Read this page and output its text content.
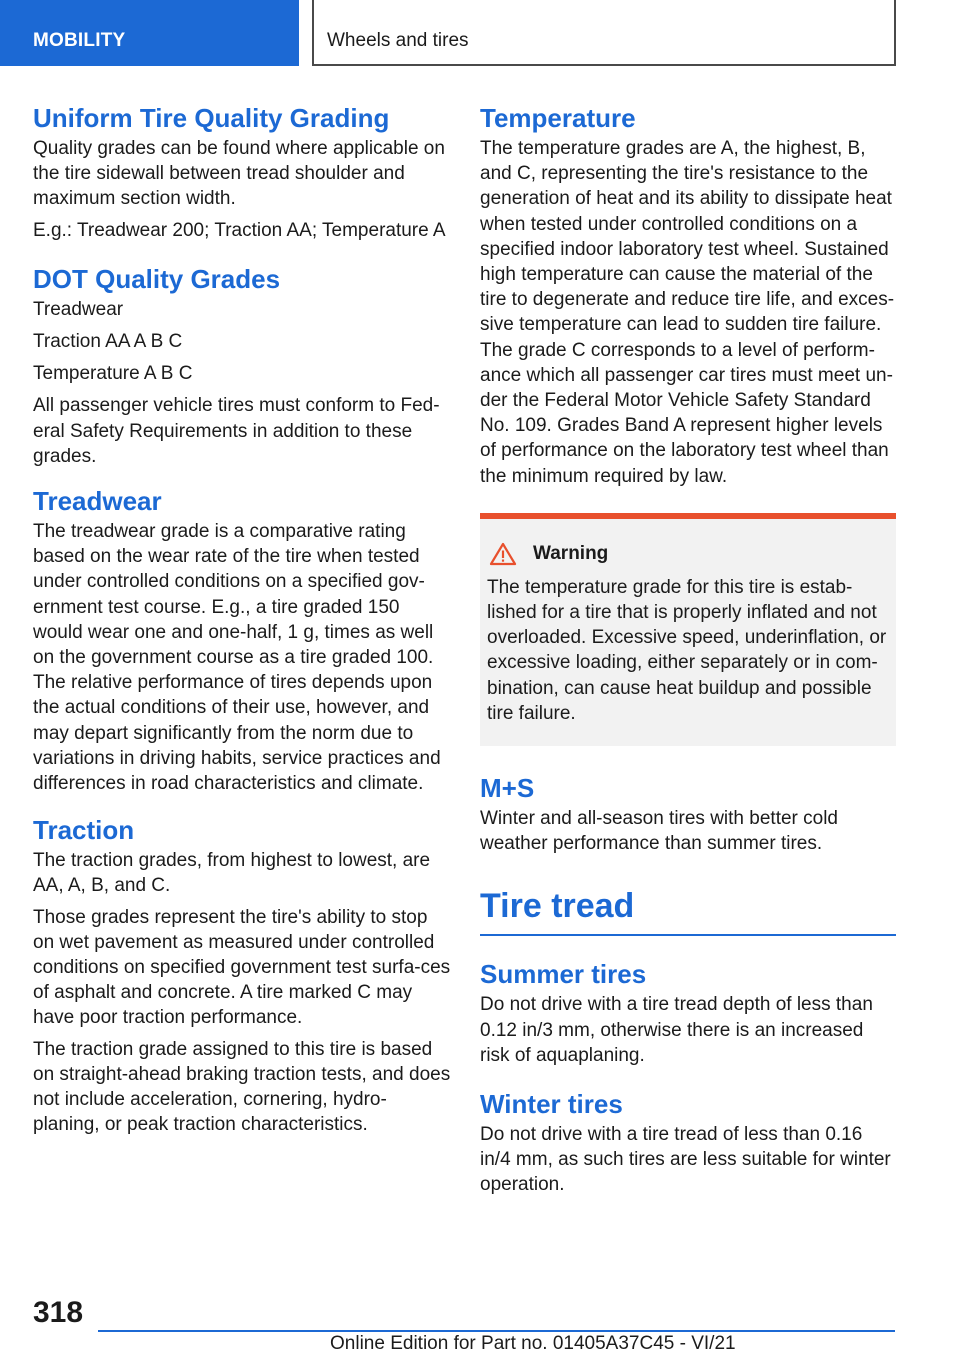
MOBILITY	Wheels and tires
Uniform Tire Quality Grading

Quality grades can be found where applicable on the tire sidewall between tread shoulder and maximum section width.

E.g.: Treadwear 200; Traction AA; Temperature A

DOT Quality Grades

Treadwear

Traction AA A B C

Temperature A B C

All passenger vehicle tires must conform to Fed‐eral Safety Requirements in addition to these grades.

Treadwear

The treadwear grade is a comparative rating based on the wear rate of the tire when tested under controlled conditions on a specified gov‐ernment test course. E.g., a tire graded 150 would wear one and one-half, 1 g, times as well on the government course as a tire graded 100. The relative performance of tires depends upon the actual conditions of their use, however, and may depart significantly from the norm due to variations in driving habits, service practices and differences in road characteristics and climate.

Traction

The traction grades, from highest to lowest, are AA, A, B, and C.

Those grades represent the tire's ability to stop on wet pavement as measured under controlled conditions on specified government test surfa‐ces of asphalt and concrete. A tire marked C may have poor traction performance.

The traction grade assigned to this tire is based on straight-ahead braking traction tests, and does not include acceleration, cornering, hydro‐planing, or peak traction characteristics.

Temperature

The temperature grades are A, the highest, B, and C, representing the tire's resistance to the generation of heat and its ability to dissipate heat when tested under controlled conditions on a specified indoor laboratory test wheel. Sustained high temperature can cause the material of the tire to degenerate and reduce tire life, and exces‐sive temperature can lead to sudden tire failure. The grade C corresponds to a level of perform‐ance which all passenger car tires must meet un‐der the Federal Motor Vehicle Safety Standard No. 109. Grades Band A represent higher levels of performance on the laboratory test wheel than the minimum required by law.

Warning

The temperature grade for this tire is estab‐lished for a tire that is properly inflated and not overloaded. Excessive speed, underinflation, or excessive loading, either separately or in com‐bination, can cause heat buildup and possible tire failure.

M+S

Winter and all-season tires with better cold weather performance than summer tires.

Tire tread
Summer tires

Do not drive with a tire tread depth of less than 0.12 in/3 mm, otherwise there is an increased risk of aquaplaning.

Winter tires

Do not drive with a tire tread of less than 0.16 in/4 mm, as such tires are less suitable for winter operation.

318
Online Edition for Part no. 01405A37C45 - VI/21
